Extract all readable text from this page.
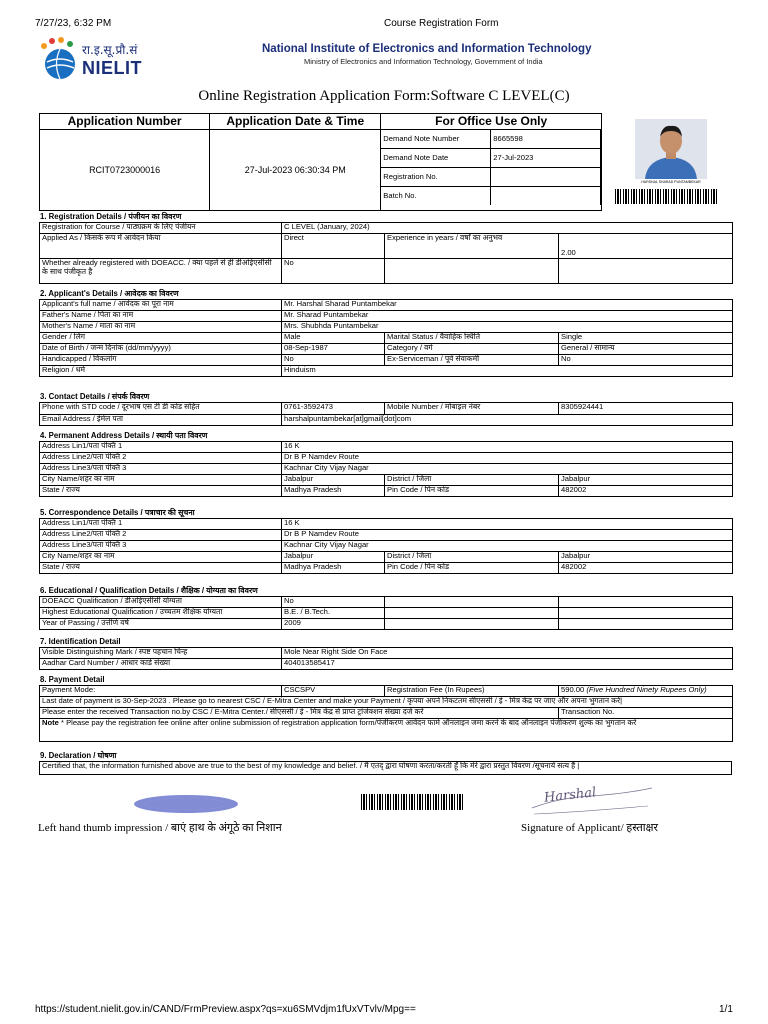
7/27/23, 6:32 PM	Course Registration Form
रा.इ.सू.प्रौ.सं
NIELIT
National Institute of Electronics and Information Technology
Ministry of Electronics and Information Technology, Government of India
Online Registration Application Form:Software C LEVEL(C)
Application Number	Application Date & Time	For Office Use Only	
RCIT0723000016	27-Jul-2023 06:30:34 PM	
Demand Note Number	8665598
Demand Note Date	27-Jul-2023
Registration No.	
Batch No.	
HARSHAL SHARAD PUNTAMBEKAR
1. Registration Details / पंजीयन का विवरण
Registration for Course / पाठ्यक्रम के लिए पंजीयन	C LEVEL (January, 2024)		
Applied As / किसके रूप में आवेदन किया	Direct	Experience in years / वर्षों का अनुभव	2.00
Whether already registered with DOEACC. / क्या पहले से ही डीओईएसीसी के साथ पंजीकृत है	No		
2. Applicant's Details / आवेदक का विवरण
Applicant's full name / आवेदक का पूरा नाम	Mr. Harshal Sharad Puntambekar		
Father's Name / पिता का नाम	Mr. Sharad Puntambekar		
Mother's Name / माता का नाम	Mrs. Shubhda Puntambekar		
Gender / लिंग	Male	Marital Status / वैवाहिक स्थिति	Single
Date of Birth / जन्म दिनांक (dd/mm/yyyy)	08-Sep-1987	Category / वर्ग	General / सामान्य
Handicapped / विकलांग	No	Ex-Serviceman / पूर्व सेवाकर्मी	No
Religion / धर्म	Hinduism		
3. Contact Details / संपर्क विवरण
Phone with STD code / दूरभाष एस टी डी कोड सहित	0761-3592473	Mobile Number / मोबाइल नंबर	8305924441
Email Address / ईमेल पता	harshalpuntambekar[at]gmail[dot]com		
4. Permanent Address Details / स्थायी पता विवरण
Address Lin1/पता पंक्ति 1	16 K		
Address Line2/पता पंक्ति 2	Dr B P Namdev Route		
Address Line3/पता पंक्ति 3	Kachnar City Vijay Nagar		
City Name/शहर का नाम	Jabalpur	District / जिला	Jabalpur
State / राज्य	Madhya Pradesh	Pin Code / पिन कोड	482002
5. Correspondence Details / पत्राचार की सूचना
Address Lin1/पता पंक्ति 1	16 K		
Address Line2/पता पंक्ति 2	Dr B P Namdev Route		
Address Line3/पता पंक्ति 3	Kachnar City Vijay Nagar		
City Name/शहर का नाम	Jabalpur	District / जिला	Jabalpur
State / राज्य	Madhya Pradesh	Pin Code / पिन कोड	482002
6. Educational / Qualification Details / शैक्षिक / योग्यता का विवरण
DOEACC Qualification / डीओईएसीसी योग्यता	No		
Highest Educational Qualification / उच्चतम शैक्षिक योग्यता	B.E. / B.Tech.		
Year of Passing / उत्तीर्ण वर्ष	2009		
7. Identification Detail
Visible Distinguishing Mark / स्पष्ट पहचान चिन्ह	Mole Near Right Side On Face
Aadhar Card Number / आधार कार्ड संख्या	404013585417
8. Payment Detail
Payment Mode:	CSCSPV	Registration Fee (In Rupees)	590.00 (Five Hundred Ninety Rupees Only)
Last date of payment is 30-Sep-2023 . Please go to nearest CSC / E-Mitra Center and make your Payment / कृपया अपने निकटतम सीएससी / ई - मित्र केंद्र पर जाए और अपना भुगतान करें|			
Please enter the received Transaction no.by CSC / E-Mitra Center./ सीएससी / ई - मित्र केंद्र से प्राप्त ट्रांजेक्शन संख्या दर्ज करें			Transaction No.
Note * Please pay the registration fee online after online submission of registration application form/पंजीकरण आवेदन फार्म ऑनलाइन जमा करने के बाद ऑनलाइन पंजीकरण शुल्क का भुगतान करें			
9. Declaration / घोषणा
Certified that, the information furnished above are true to the best of my knowledge and belief. / मैं एतद् द्वारा घोषणा करता/करती हूँ कि मेरे द्वारा प्रस्तुत विवरण /सूचनायें सत्य हैं |
Harshal
Left hand thumb impression / बाएं हाथ के अंगूठे का निशान	Signature of Applicant/ हस्ताक्षर
https://student.nielit.gov.in/CAND/FrmPreview.aspx?qs=xu6SMVdjm1fUxVTvlv/Mpg==	1/1
